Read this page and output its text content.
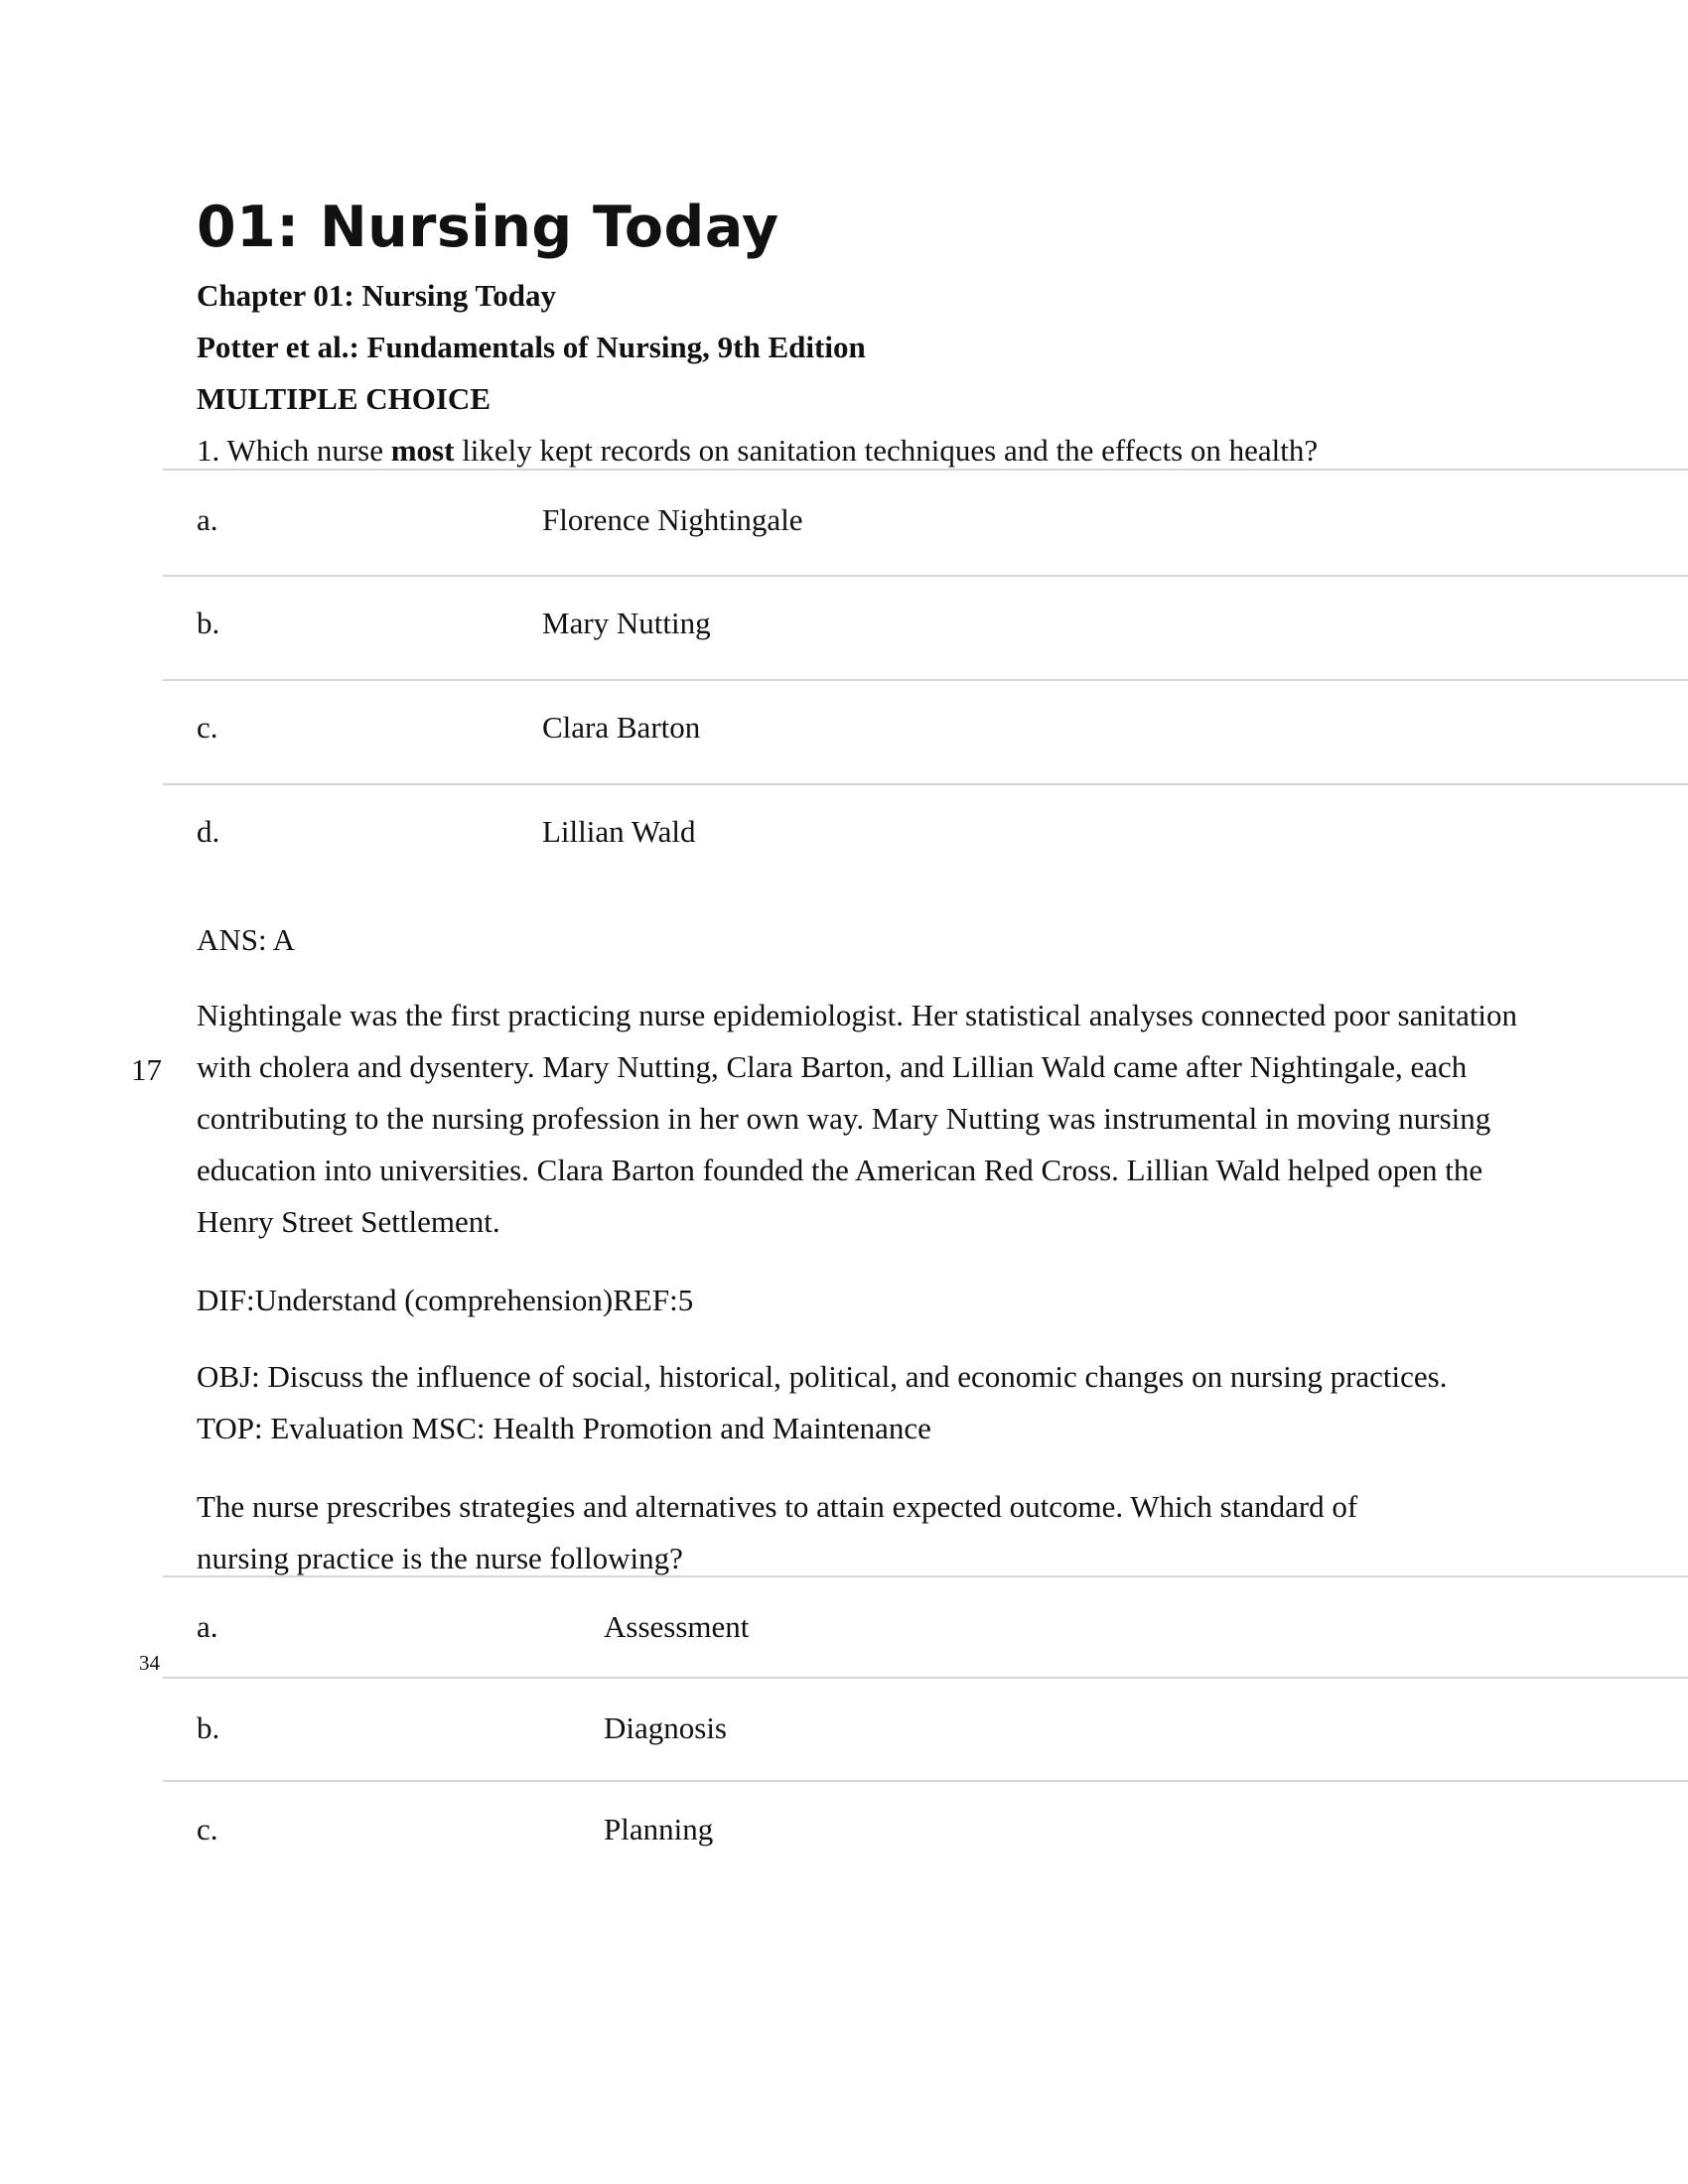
01: Nursing Today
Chapter 01: Nursing Today
Potter et al.: Fundamentals of Nursing, 9th Edition
MULTIPLE CHOICE
1. Which nurse most likely kept records on sanitation techniques and the effects on health?
a.	Florence Nightingale
b.	Mary Nutting
c.	Clara Barton
d.	Lillian Wald
ANS: A
17
Nightingale was the first practicing nurse epidemiologist. Her statistical analyses connected poor sanitation with cholera and dysentery. Mary Nutting, Clara Barton, and Lillian Wald came after Nightingale, each contributing to the nursing profession in her own way. Mary Nutting was instrumental in moving nursing education into universities. Clara Barton founded the American Red Cross. Lillian Wald helped open the Henry Street Settlement.
DIF:Understand (comprehension)REF:5
OBJ: Discuss the influence of social, historical, political, and economic changes on nursing practices.
TOP: Evaluation MSC: Health Promotion and Maintenance
The nurse prescribes strategies and alternatives to attain expected outcome. Which standard of nursing practice is the nurse following?
a.	Assessment
34
b.	Diagnosis
c.	Planning
